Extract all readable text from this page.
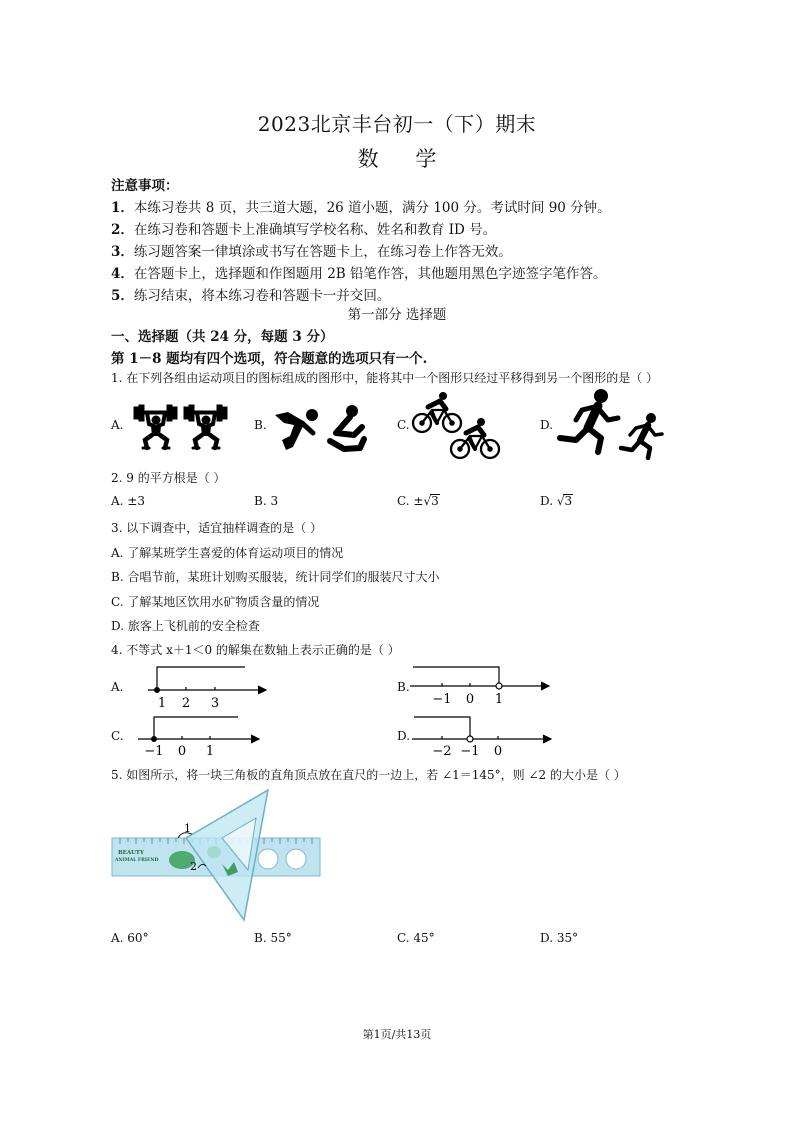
2023北京丰台初一（下）期末
数 学
注意事项：
1．本练习卷共 8 页，共三道大题，26 道小题，满分 100 分。考试时间 90 分钟。
2．在练习卷和答题卡上准确填写学校名称、姓名和教育 ID 号。
3．练习题答案一律填涂或书写在答题卡上，在练习卷上作答无效。
4．在答题卡上，选择题和作图题用 2B 铅笔作答，其他题用黑色字迹签字笔作答。
5．练习结束，将本练习卷和答题卡一并交回。
第一部分 选择题
一、选择题（共 24 分，每题 3 分）
第 1－8 题均有四个选项，符合题意的选项只有一个.
1. 在下列各组由运动项目的图标组成的图形中，能将其中一个图形只经过平移得到另一个图形的是（ ）
A.	B.	C.	D.
2. 9 的平方根是（ ）
A. ±3	B. 3	C. ±√3	D. √3
3. 以下调查中，适宜抽样调查的是（ ）
A. 了解某班学生喜爱的体育运动项目的情况
B. 合唱节前，某班计划购买服装，统计同学们的服装尺寸大小
C. 了解某地区饮用水矿物质含量的情况
D. 旅客上飞机前的安全检查
4. 不等式 x＋1＜0 的解集在数轴上表示正确的是（ ）
A.
1 2 3
B.
−1 0 1
C.
−1 0 1
D.
−2 −1 0
5. 如图所示，将一块三角板的直角顶点放在直尺的一边上，若 ∠1＝145°，则 ∠2 的大小是（ ）
BEAUTY
ANIMAL FRIEND
1
2
A. 60°	B. 55°	C. 45°	D. 35°
第1页/共13页
